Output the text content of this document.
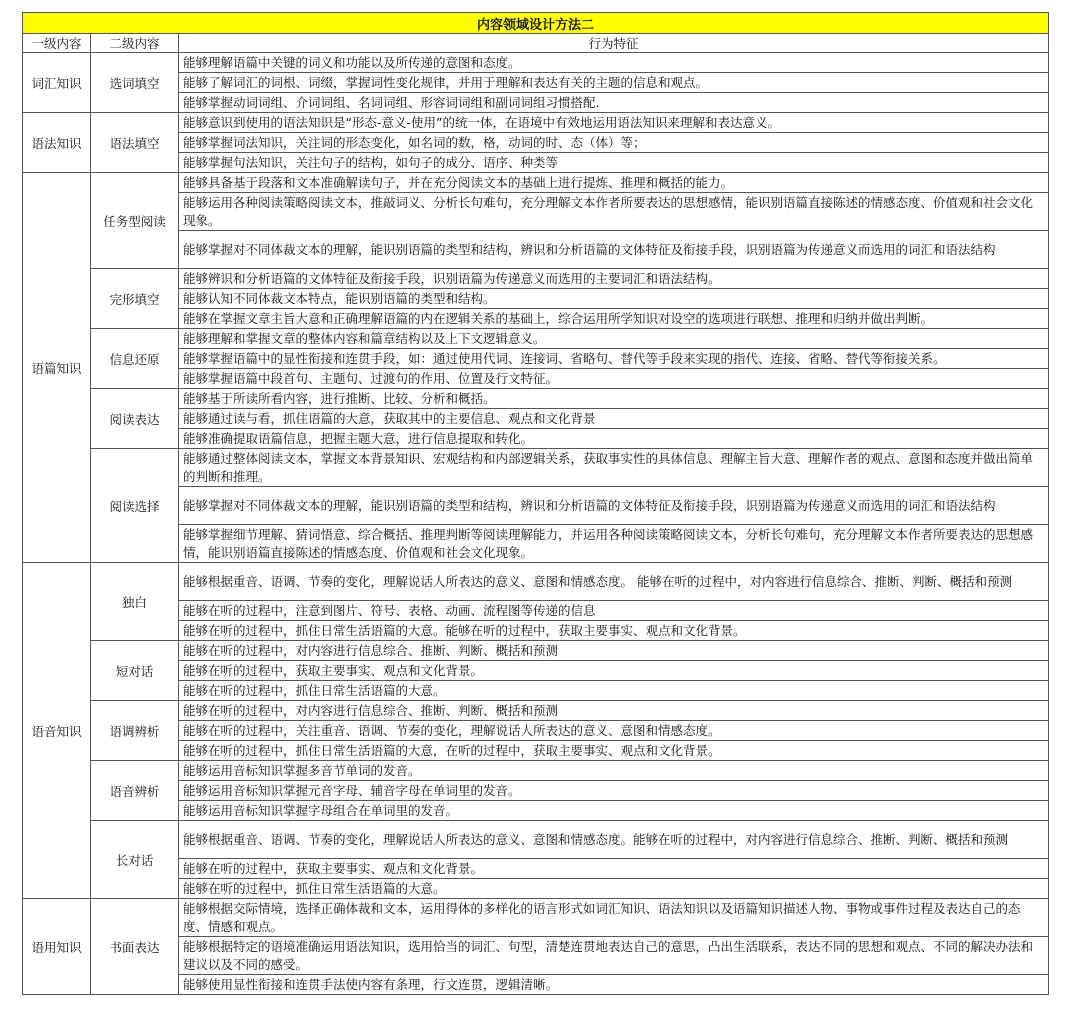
内容领域设计方法二		
一级内容	二级内容	行为特征
词汇知识	选词填空	能够理解语篇中关键的词义和功能以及所传递的意图和态度。
		能够了解词汇的词根、词缀，掌握词性变化规律，并用于理解和表达有关的主题的信息和观点。
		能够掌握动词词组、介词词组、名词词组、形容词词组和副词词组习惯搭配.
语法知识	语法填空	能够意识到使用的语法知识是“形态-意义-使用”的统一体，在语境中有效地运用语法知识来理解和表达意义。
		能够掌握词法知识，关注词的形态变化，如名词的数，格，动词的时、态（体）等；
		能够掌握句法知识，关注句子的结构，如句子的成分、语序、种类等
语篇知识	任务型阅读	能够具备基于段落和文本准确解读句子，并在充分阅读文本的基础上进行提炼、推理和概括的能力。
		能够运用各种阅读策略阅读文本，推敲词义、分析长句难句，充分理解文本作者所要表达的思想感情，能识别语篇直接陈述的情感态度、价值观和社会文化现象。
		能够掌握对不同体裁文本的理解，能识别语篇的类型和结构，辨识和分析语篇的文体特征及衔接手段，识别语篇为传递意义而选用的词汇和语法结构
	完形填空	能够辨识和分析语篇的文体特征及衔接手段，识别语篇为传递意义而选用的主要词汇和语法结构。
		能够认知不同体裁文本特点，能识别语篇的类型和结构。
		能够在掌握文章主旨大意和正确理解语篇的内在逻辑关系的基础上，综合运用所学知识对设空的选项进行联想、推理和归纳并做出判断。
	信息还原	能够理解和掌握文章的整体内容和篇章结构以及上下文逻辑意义。
		能够掌握语篇中的显性衔接和连贯手段，如：通过使用代词、连接词、省略句、替代等手段来实现的指代、连接、省略、替代等衔接关系。
		能够掌握语篇中段首句、主题句、过渡句的作用、位置及行文特征。
	阅读表达	能够基于所读所看内容，进行推断、比较、分析和概括。
		能够通过读与看，抓住语篇的大意，获取其中的主要信息、观点和文化背景
		能够准确提取语篇信息，把握主题大意，进行信息提取和转化。
	阅读选择	能够通过整体阅读文本，掌握文本背景知识、宏观结构和内部逻辑关系，获取事实性的具体信息、理解主旨大意、理解作者的观点、意图和态度并做出简单的判断和推理。
		能够掌握对不同体裁文本的理解，能识别语篇的类型和结构，辨识和分析语篇的文体特征及衔接手段，识别语篇为传递意义而选用的词汇和语法结构
		能够掌握细节理解、猜词悟意、综合概括、推理判断等阅读理解能力，并运用各种阅读策略阅读文本，分析长句难句，充分理解文本作者所要表达的思想感情，能识别语篇直接陈述的情感态度、价值观和社会文化现象。
语音知识	独白	能够根据重音、语调、节奏的变化，理解说话人所表达的意义、意图和情感态度。 能够在听的过程中，对内容进行信息综合、推断、判断、概括和预测
		能够在听的过程中，注意到图片、符号、表格、动画、流程图等传递的信息
		能够在听的过程中，抓住日常生活语篇的大意。能够在听的过程中，获取主要事实、观点和文化背景。
	短对话	能够在听的过程中，对内容进行信息综合、推断、判断、概括和预测
		能够在听的过程中，获取主要事实、观点和文化背景。
		能够在听的过程中，抓住日常生活语篇的大意。
	语调辨析	能够在听的过程中，对内容进行信息综合、推断、判断、概括和预测
		能够在听的过程中，关注重音、语调、节奏的变化，理解说话人所表达的意义、意图和情感态度。
		能够在听的过程中，抓住日常生活语篇的大意，在听的过程中，获取主要事实、观点和文化背景。
	语音辨析	能够运用音标知识掌握多音节单词的发音。
		能够运用音标知识掌握元音字母、辅音字母在单词里的发音。
		能够运用音标知识掌握字母组合在单词里的发音。
	长对话	能够根据重音、语调、节奏的变化，理解说话人所表达的意义、意图和情感态度。能够在听的过程中，对内容进行信息综合、推断、判断、概括和预测
		能够在听的过程中，获取主要事实、观点和文化背景。
		能够在听的过程中，抓住日常生活语篇的大意。
语用知识	书面表达	能够根据交际情境，选择正确体裁和文本，运用得体的多样化的语言形式如词汇知识、语法知识以及语篇知识描述人物、事物或事件过程及表达自己的态度、情感和观点。
		能够根据特定的语境准确运用语法知识，选用恰当的词汇、句型，清楚连贯地表达自己的意思，凸出生活联系，表达不同的思想和观点、不同的解决办法和建议以及不同的感受。
		能够使用显性衔接和连贯手法使内容有条理，行文连贯，逻辑清晰。
